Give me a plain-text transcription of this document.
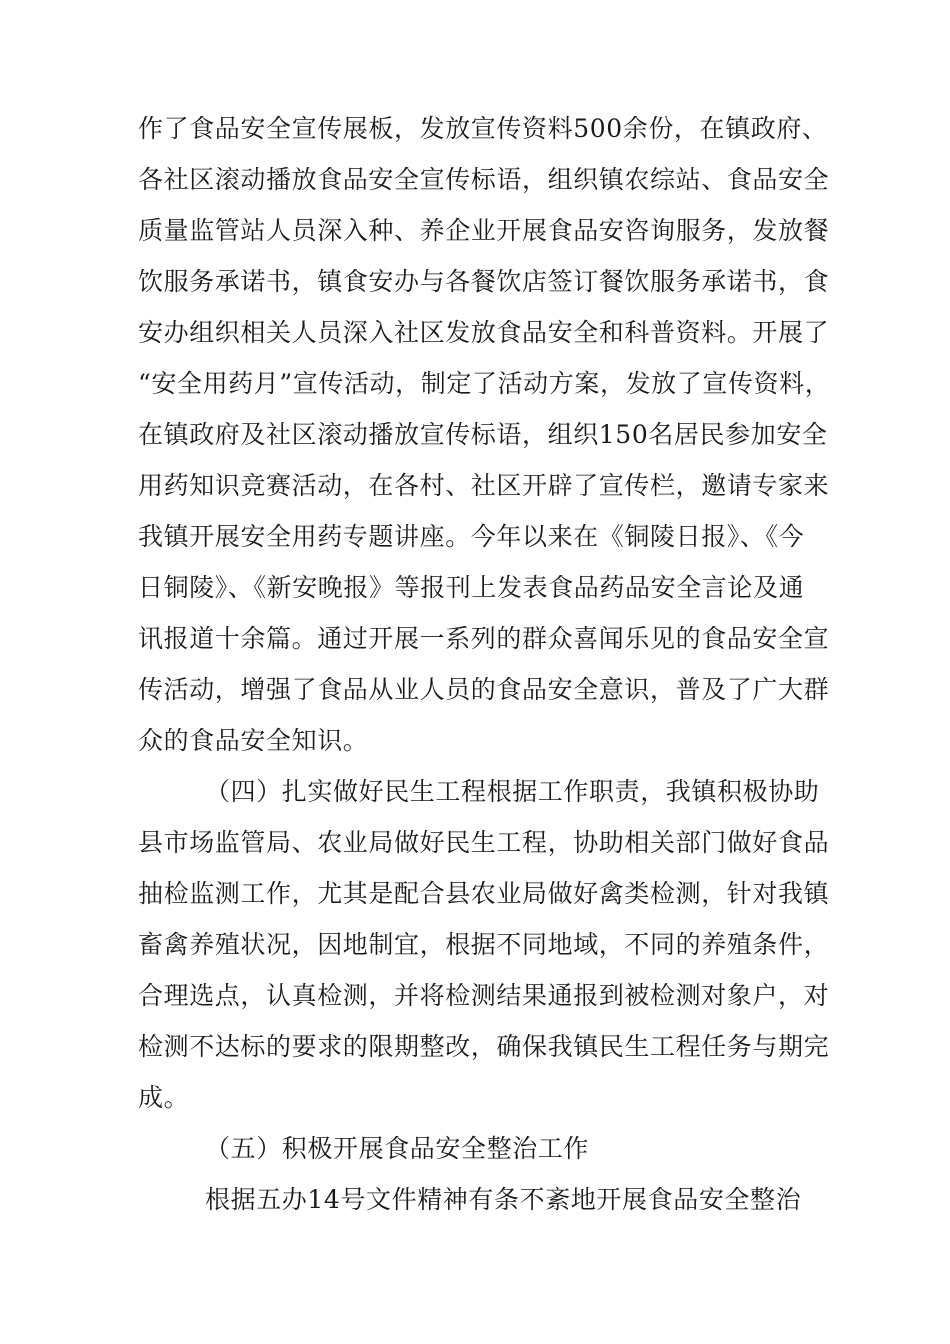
作了食品安全宣传展板，发放宣传资料500余份，在镇政府、
各社区滚动播放食品安全宣传标语，组织镇农综站、食品安全
质量监管站人员深入种、养企业开展食品安咨询服务，发放餐
饮服务承诺书，镇食安办与各餐饮店签订餐饮服务承诺书，食
安办组织相关人员深入社区发放食品安全和科普资料。开展了
“安全用药月”宣传活动，制定了活动方案，发放了宣传资料，
在镇政府及社区滚动播放宣传标语，组织150名居民参加安全
用药知识竞赛活动，在各村、社区开辟了宣传栏，邀请专家来
我镇开展安全用药专题讲座。今年以来在《铜陵日报》、《今
日铜陵》、《新安晚报》等报刊上发表食品药品安全言论及通
讯报道十余篇。通过开展一系列的群众喜闻乐见的食品安全宣
传活动，增强了食品从业人员的食品安全意识，普及了广大群
众的食品安全知识。
（四）扎实做好民生工程根据工作职责，我镇积极协助
县市场监管局、农业局做好民生工程，协助相关部门做好食品
抽检监测工作，尤其是配合县农业局做好禽类检测，针对我镇
畜禽养殖状况，因地制宜，根据不同地域，不同的养殖条件，
合理选点，认真检测，并将检测结果通报到被检测对象户，对
检测不达标的要求的限期整改，确保我镇民生工程任务与期完
成。
（五）积极开展食品安全整治工作
根据五办14号文件精神有条不紊地开展食品安全整治
